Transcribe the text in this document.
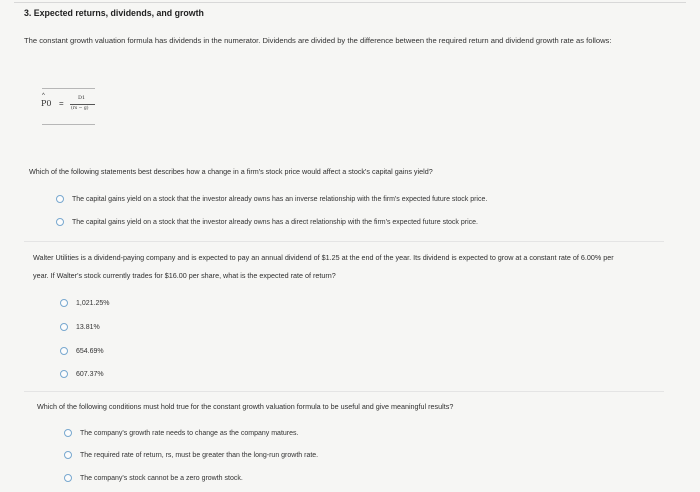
3. Expected returns, dividends, and growth
The constant growth valuation formula has dividends in the numerator. Dividends are divided by the difference between the required return and dividend growth rate as follows:
^
P0 =
D1
(rs − g)
Which of the following statements best describes how a change in a firm's stock price would affect a stock's capital gains yield?
The capital gains yield on a stock that the investor already owns has an inverse relationship with the firm's expected future stock price.
The capital gains yield on a stock that the investor already owns has a direct relationship with the firm's expected future stock price.
Walter Utilities is a dividend-paying company and is expected to pay an annual dividend of $1.25 at the end of the year. Its dividend is expected to grow at a constant rate of 6.00% per year. If Walter's stock currently trades for $16.00 per share, what is the expected rate of return?
1,021.25%
13.81%
654.69%
607.37%
Which of the following conditions must hold true for the constant growth valuation formula to be useful and give meaningful results?
The company's growth rate needs to change as the company matures.
The required rate of return, rs, must be greater than the long-run growth rate.
The company's stock cannot be a zero growth stock.
